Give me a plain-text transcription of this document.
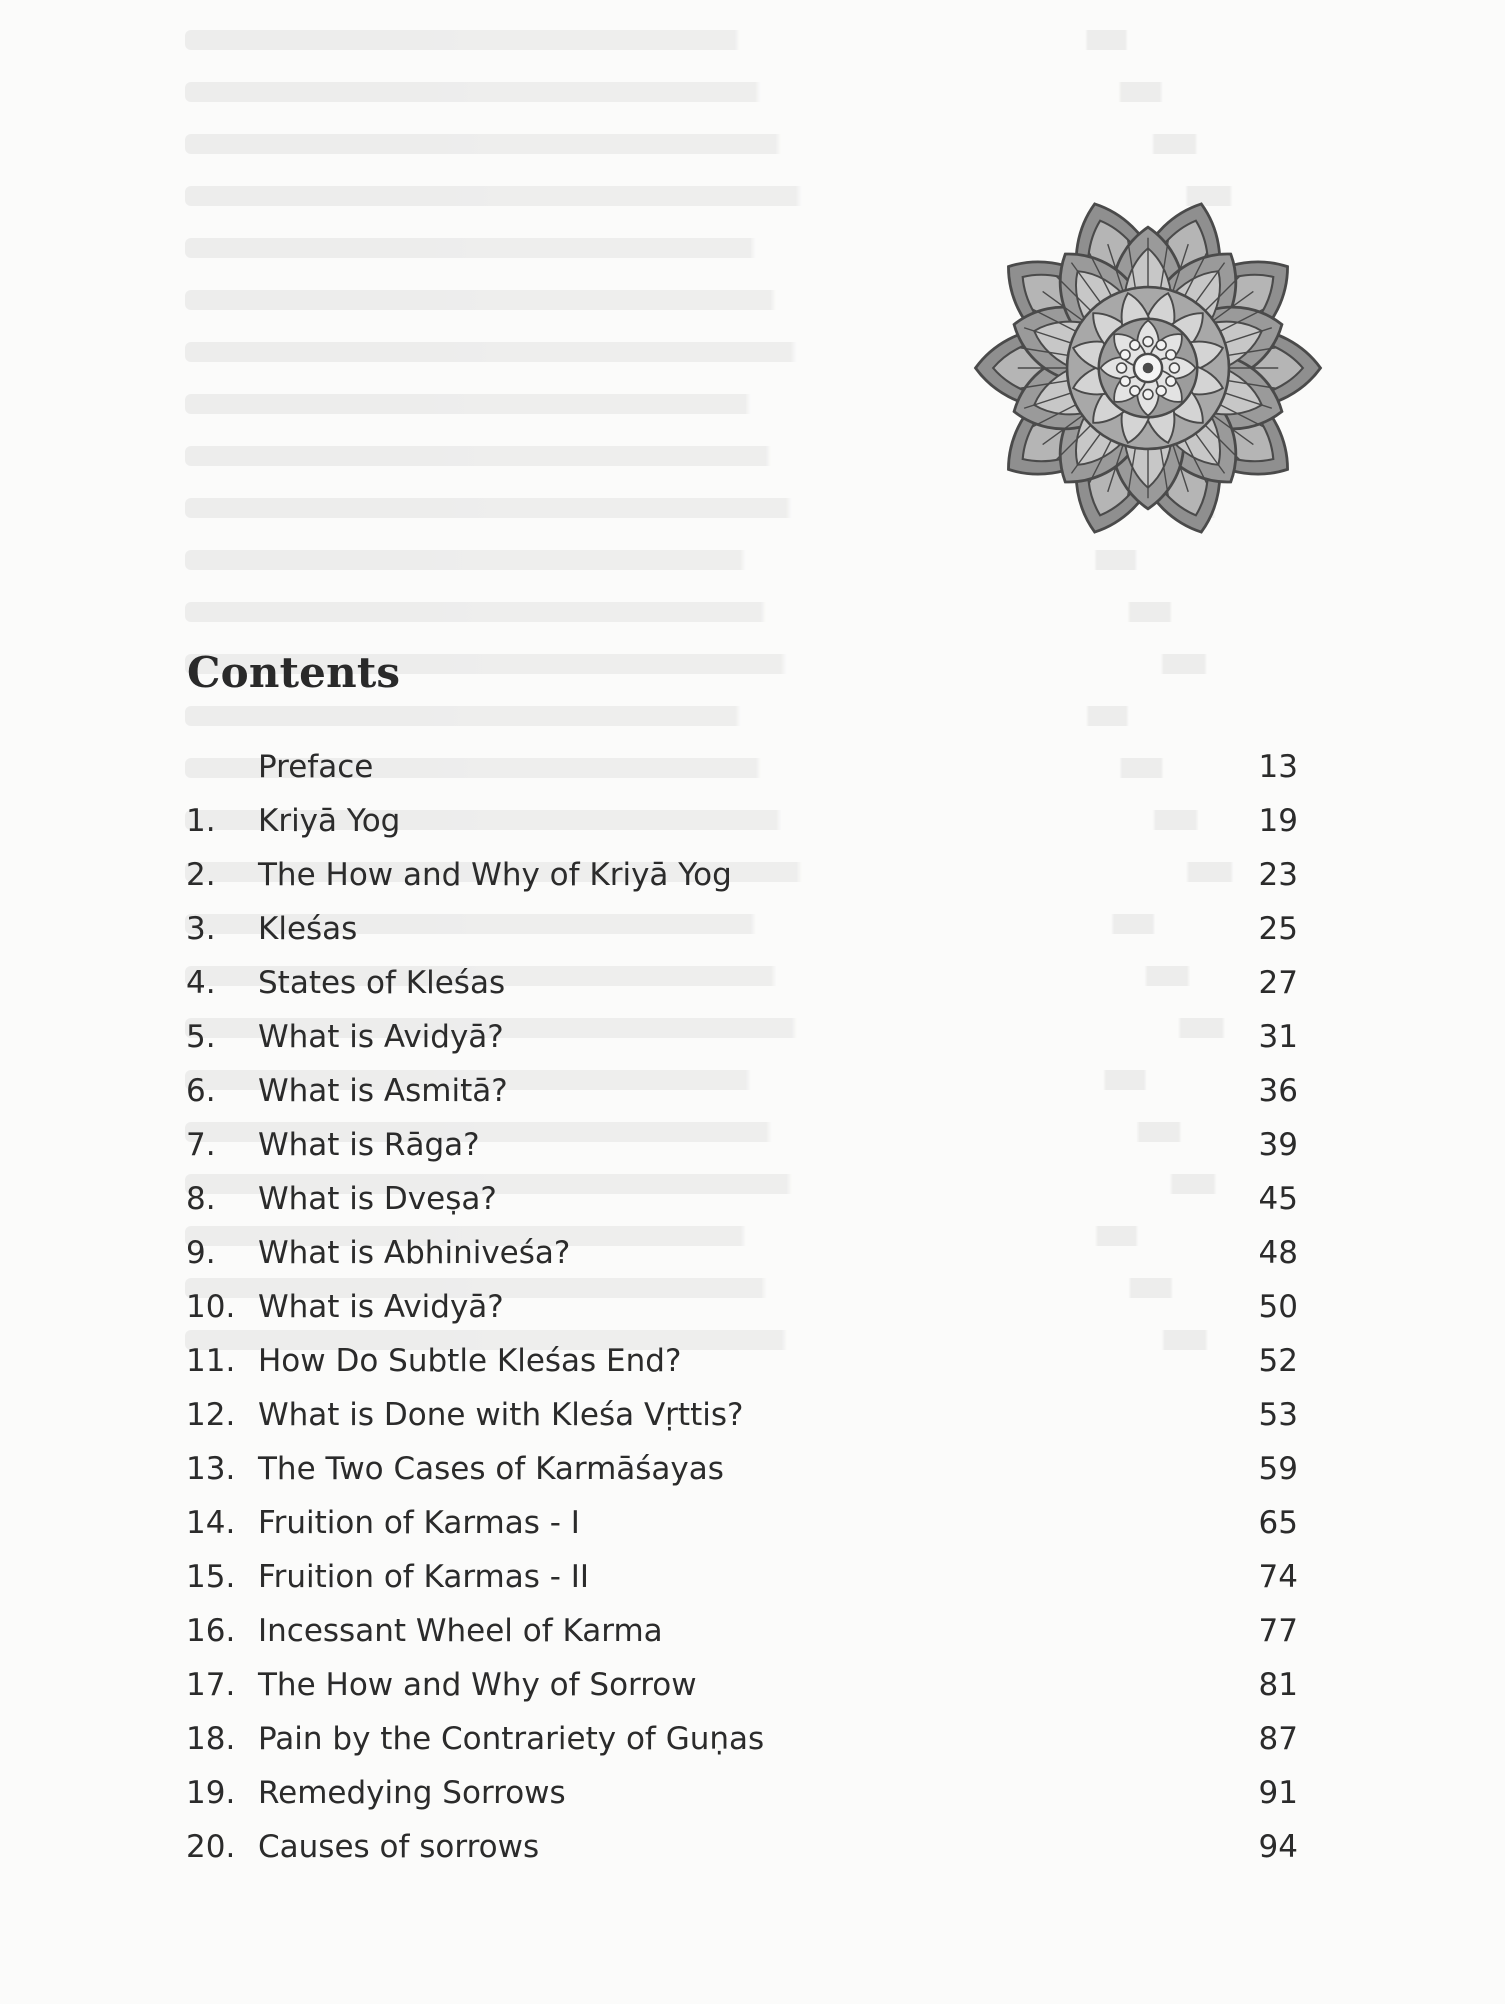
Contents
Preface	13
1.	Kriyā Yog	19
2.	The How and Why of Kriyā Yog	23
3.	Kleśas	25
4.	States of Kleśas	27
5.	What is Avidyā?	31
6.	What is Asmitā?	36
7.	What is Rāga?	39
8.	What is Dveṣa?	45
9.	What is Abhiniveśa?	48
10. What is Avidyā?	50
11. How Do Subtle Kleśas End?	52
12. What is Done with Kleśa Vṛttis?	53
13. The Two Cases of Karmāśayas	59
14. Fruition of Karmas - I	65
15. Fruition of Karmas - II	74
16. Incessant Wheel of Karma	77
17. The How and Why of Sorrow	81
18. Pain by the Contrariety of Guṇas	87
19. Remedying Sorrows	91
20. Causes of sorrows	94
